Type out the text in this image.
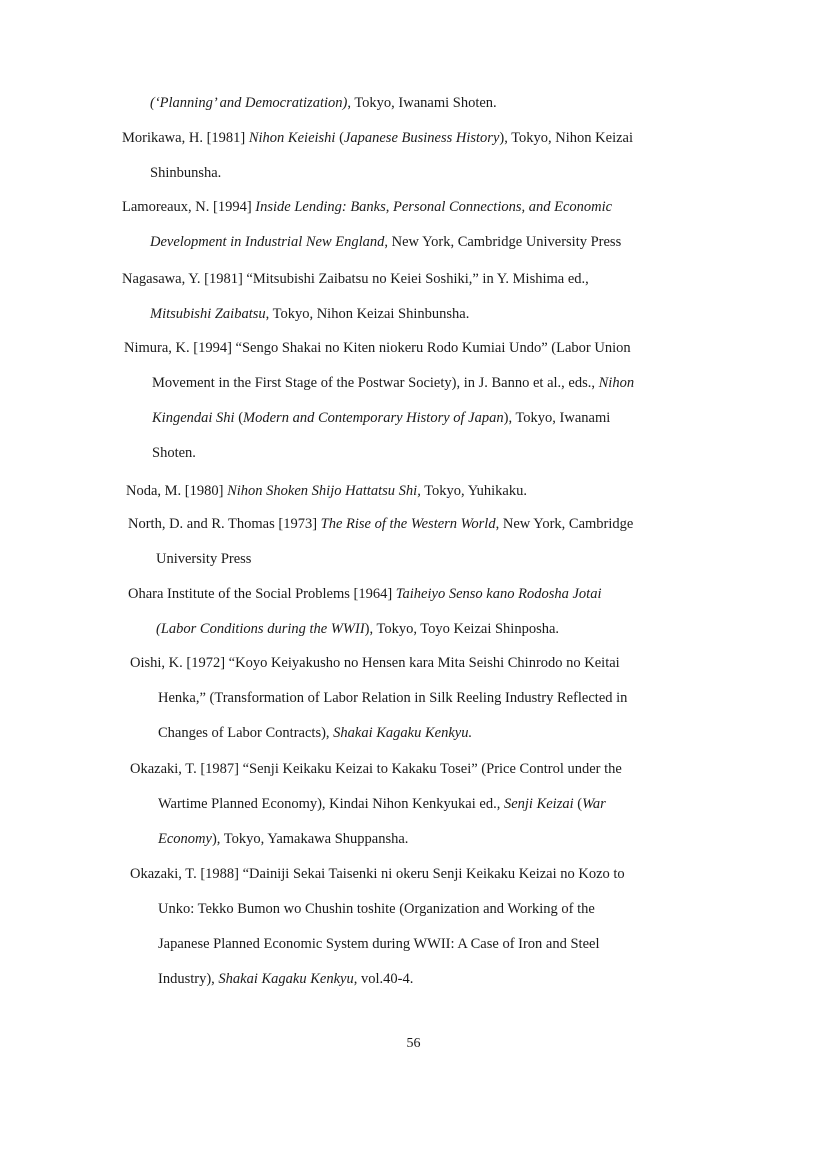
(‘Planning’ and Democratization), Tokyo, Iwanami Shoten.
Morikawa, H. [1981] Nihon Keieishi (Japanese Business History), Tokyo, Nihon Keizai
Shinbunsha.
Lamoreaux, N. [1994] Inside Lending: Banks, Personal Connections, and Economic
Development in Industrial New England, New York, Cambridge University Press
Nagasawa, Y. [1981] “Mitsubishi Zaibatsu no Keiei Soshiki,” in Y. Mishima ed.,
Mitsubishi Zaibatsu, Tokyo, Nihon Keizai Shinbunsha.
Nimura, K. [1994] “Sengo Shakai no Kiten niokeru Rodo Kumiai Undo” (Labor Union
Movement in the First Stage of the Postwar Society), in J. Banno et al., eds., Nihon
Kingendai Shi (Modern and Contemporary History of Japan), Tokyo, Iwanami
Shoten.
Noda, M. [1980] Nihon Shoken Shijo Hattatsu Shi, Tokyo, Yuhikaku.
North, D. and R. Thomas [1973] The Rise of the Western World, New York, Cambridge
University Press
Ohara Institute of the Social Problems [1964] Taiheiyo Senso kano Rodosha Jotai
(Labor Conditions during the WWII), Tokyo, Toyo Keizai Shinposha.
Oishi, K. [1972] “Koyo Keiyakusho no Hensen kara Mita Seishi Chinrodo no Keitai
Henka,” (Transformation of Labor Relation in Silk Reeling Industry Reflected in
Changes of Labor Contracts), Shakai Kagaku Kenkyu.
Okazaki, T. [1987] “Senji Keikaku Keizai to Kakaku Tosei” (Price Control under the
Wartime Planned Economy), Kindai Nihon Kenkyukai ed., Senji Keizai (War
Economy), Tokyo, Yamakawa Shuppansha.
Okazaki, T. [1988] “Dainiji Sekai Taisenki ni okeru Senji Keikaku Keizai no Kozo to
Unko: Tekko Bumon wo Chushin toshite (Organization and Working of the
Japanese Planned Economic System during WWII: A Case of Iron and Steel
Industry), Shakai Kagaku Kenkyu, vol.40-4.
56
